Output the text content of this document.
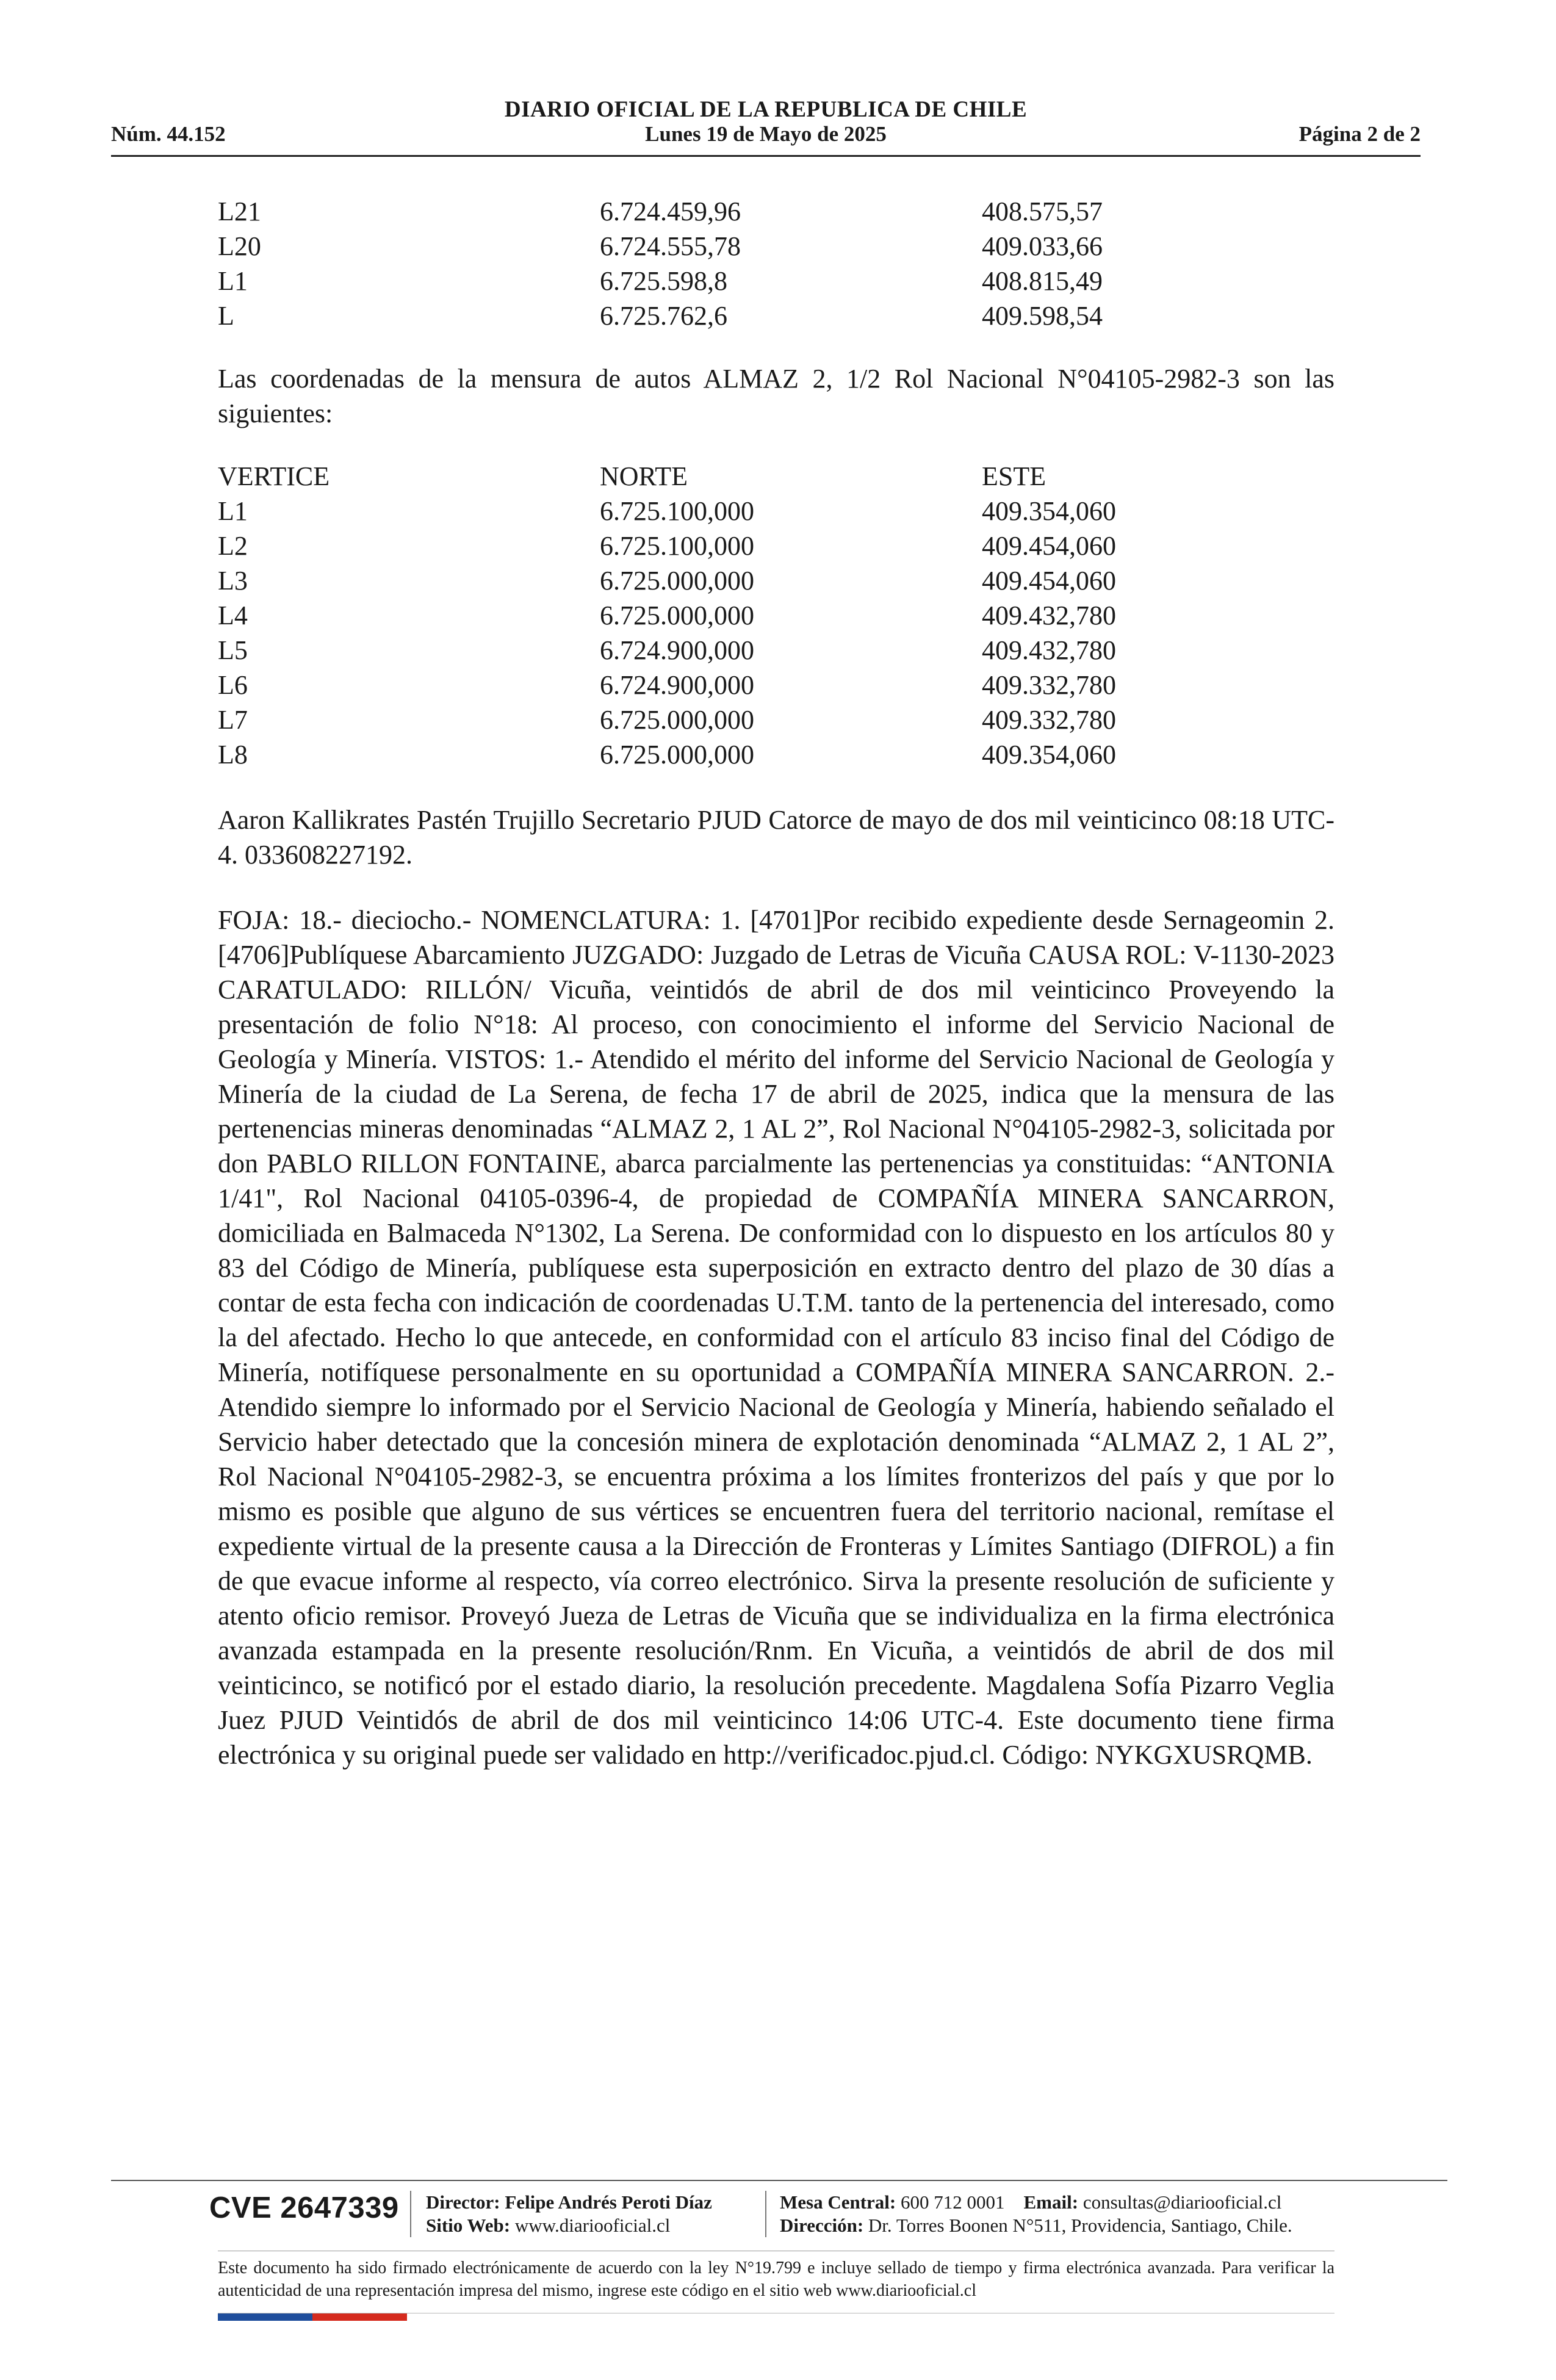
DIARIO OFICIAL DE LA REPUBLICA DE CHILE
Lunes 19 de Mayo de 2025
Núm. 44.152	Página 2 de 2
L21	6.724.459,96	408.575,57
L20	6.724.555,78	409.033,66
L1	6.725.598,8	408.815,49
L	6.725.762,6	409.598,54

Las coordenadas de la mensura de autos ALMAZ 2, 1/2 Rol Nacional N°04105-2982-3 son las siguientes:

VERTICE	NORTE	ESTE
L1	6.725.100,000	409.354,060
L2	6.725.100,000	409.454,060
L3	6.725.000,000	409.454,060
L4	6.725.000,000	409.432,780
L5	6.724.900,000	409.432,780
L6	6.724.900,000	409.332,780
L7	6.725.000,000	409.332,780
L8	6.725.000,000	409.354,060

Aaron Kallikrates Pastén Trujillo Secretario PJUD Catorce de mayo de dos mil veinticinco 08:18 UTC-4. 033608227192.

FOJA: 18.- dieciocho.- NOMENCLATURA: 1. [4701]Por recibido expediente desde Sernageomin 2. [4706]Publíquese Abarcamiento JUZGADO: Juzgado de Letras de Vicuña CAUSA ROL: V-1130-2023 CARATULADO: RILLÓN/ Vicuña, veintidós de abril de dos mil veinticinco Proveyendo la presentación de folio N°18: Al proceso, con conocimiento el informe del Servicio Nacional de Geología y Minería. VISTOS: 1.- Atendido el mérito del informe del Servicio Nacional de Geología y Minería de la ciudad de La Serena, de fecha 17 de abril de 2025, indica que la mensura de las pertenencias mineras denominadas “ALMAZ 2, 1 AL 2”, Rol Nacional N°04105-2982-3, solicitada por don PABLO RILLON FONTAINE, abarca parcialmente las pertenencias ya constituidas: “ANTONIA 1/41", Rol Nacional 04105-0396-4, de propiedad de COMPAÑÍA MINERA SANCARRON, domiciliada en Balmaceda N°1302, La Serena. De conformidad con lo dispuesto en los artículos 80 y 83 del Código de Minería, publíquese esta superposición en extracto dentro del plazo de 30 días a contar de esta fecha con indicación de coordenadas U.T.M. tanto de la pertenencia del interesado, como la del afectado. Hecho lo que antecede, en conformidad con el artículo 83 inciso final del Código de Minería, notifíquese personalmente en su oportunidad a COMPAÑÍA MINERA SANCARRON. 2.- Atendido siempre lo informado por el Servicio Nacional de Geología y Minería, habiendo señalado el Servicio haber detectado que la concesión minera de explotación denominada “ALMAZ 2, 1 AL 2”, Rol Nacional N°04105-2982-3, se encuentra próxima a los límites fronterizos del país y que por lo mismo es posible que alguno de sus vértices se encuentren fuera del territorio nacional, remítase el expediente virtual de la presente causa a la Dirección de Fronteras y Límites Santiago (DIFROL) a fin de que evacue informe al respecto, vía correo electrónico. Sirva la presente resolución de suficiente y atento oficio remisor. Proveyó Jueza de Letras de Vicuña que se individualiza en la firma electrónica avanzada estampada en la presente resolución/Rnm. En Vicuña, a veintidós de abril de dos mil veinticinco, se notificó por el estado diario, la resolución precedente. Magdalena Sofía Pizarro Veglia Juez PJUD Veintidós de abril de dos mil veinticinco 14:06 UTC-4. Este documento tiene firma electrónica y su original puede ser validado en http://verificadoc.pjud.cl. Código: NYKGXUSRQMB.

CVE 2647339 Director: Felipe Andrés Peroti Díaz
Sitio Web: www.diariooficial.cl
Mesa Central: 600 712 0001 Email: consultas@diariooficial.cl
Dirección: Dr. Torres Boonen N°511, Providencia, Santiago, Chile.
Este documento ha sido firmado electrónicamente de acuerdo con la ley N°19.799 e incluye sellado de tiempo y firma electrónica avanzada. Para verificar la autenticidad de una representación impresa del mismo, ingrese este código en el sitio web www.diariooficial.cl
